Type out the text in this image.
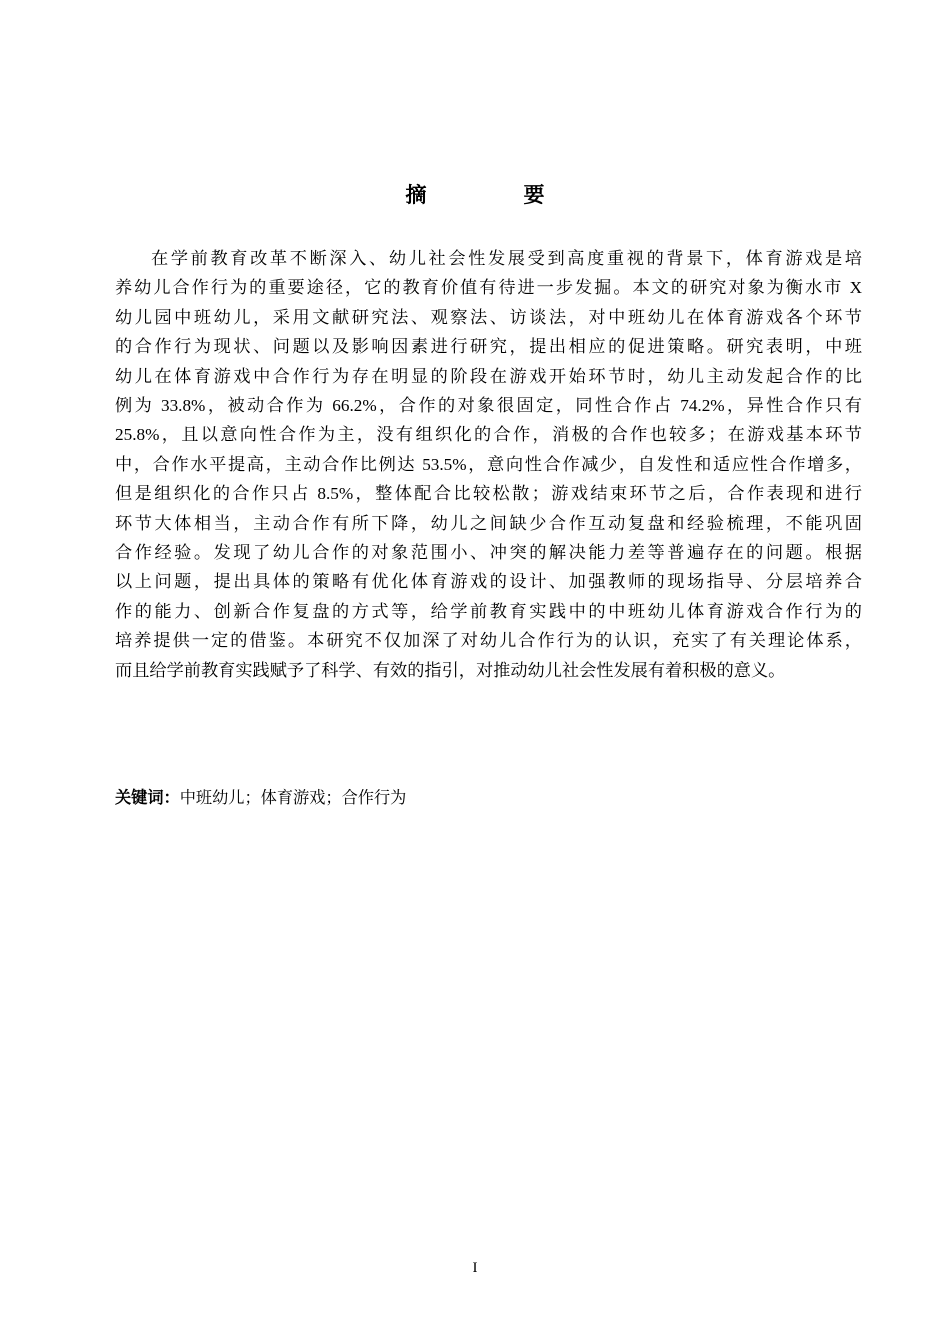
摘　要
在学前教育改革不断深入、幼儿社会性发展受到高度重视的背景下，体育游戏是培
养幼儿合作行为的重要途径，它的教育价值有待进一步发掘。本文的研究对象为衡水市 X
幼儿园中班幼儿，采用文献研究法、观察法、访谈法，对中班幼儿在体育游戏各个环节
的合作行为现状、问题以及影响因素进行研究，提出相应的促进策略。研究表明，中班
幼儿在体育游戏中合作行为存在明显的阶段在游戏开始环节时，幼儿主动发起合作的比
例为 33.8%，被动合作为 66.2%，合作的对象很固定，同性合作占 74.2%，异性合作只有
25.8%，且以意向性合作为主，没有组织化的合作，消极的合作也较多；在游戏基本环节
中，合作水平提高，主动合作比例达 53.5%，意向性合作减少，自发性和适应性合作增多，
但是组织化的合作只占 8.5%，整体配合比较松散；游戏结束环节之后，合作表现和进行
环节大体相当，主动合作有所下降，幼儿之间缺少合作互动复盘和经验梳理，不能巩固
合作经验。发现了幼儿合作的对象范围小、冲突的解决能力差等普遍存在的问题。根据
以上问题，提出具体的策略有优化体育游戏的设计、加强教师的现场指导、分层培养合
作的能力、创新合作复盘的方式等，给学前教育实践中的中班幼儿体育游戏合作行为的
培养提供一定的借鉴。本研究不仅加深了对幼儿合作行为的认识，充实了有关理论体系，
而且给学前教育实践赋予了科学、有效的指引，对推动幼儿社会性发展有着积极的意义。
关键词：中班幼儿；体育游戏；合作行为
I
